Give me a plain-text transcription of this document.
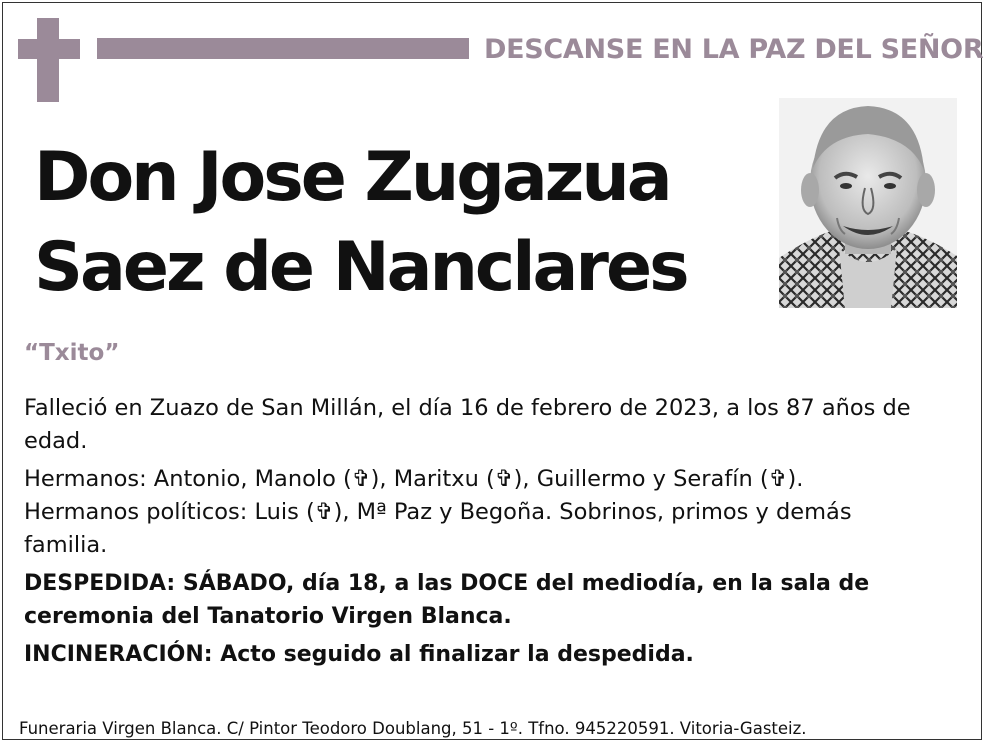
DESCANSE EN LA PAZ DEL SEÑOR
Don Jose Zugazua
Saez de Nanclares
“Txito”

Falleció en Zuazo de San Millán, el día 16 de febrero de 2023, a los 87 años de edad.

Hermanos: Antonio, Manolo (✞), Maritxu (✞), Guillermo y Serafín (✞). Hermanos políticos: Luis (✞), Mª Paz y Begoña. Sobrinos, primos y demás familia.

DESPEDIDA: SÁBADO, día 18, a las DOCE del mediodía, en la sala de ceremonia del Tanatorio Virgen Blanca.

INCINERACIÓN: Acto seguido al finalizar la despedida.

Funeraria Virgen Blanca. C/ Pintor Teodoro Doublang, 51 - 1º. Tfno. 945220591. Vitoria-Gasteiz.
